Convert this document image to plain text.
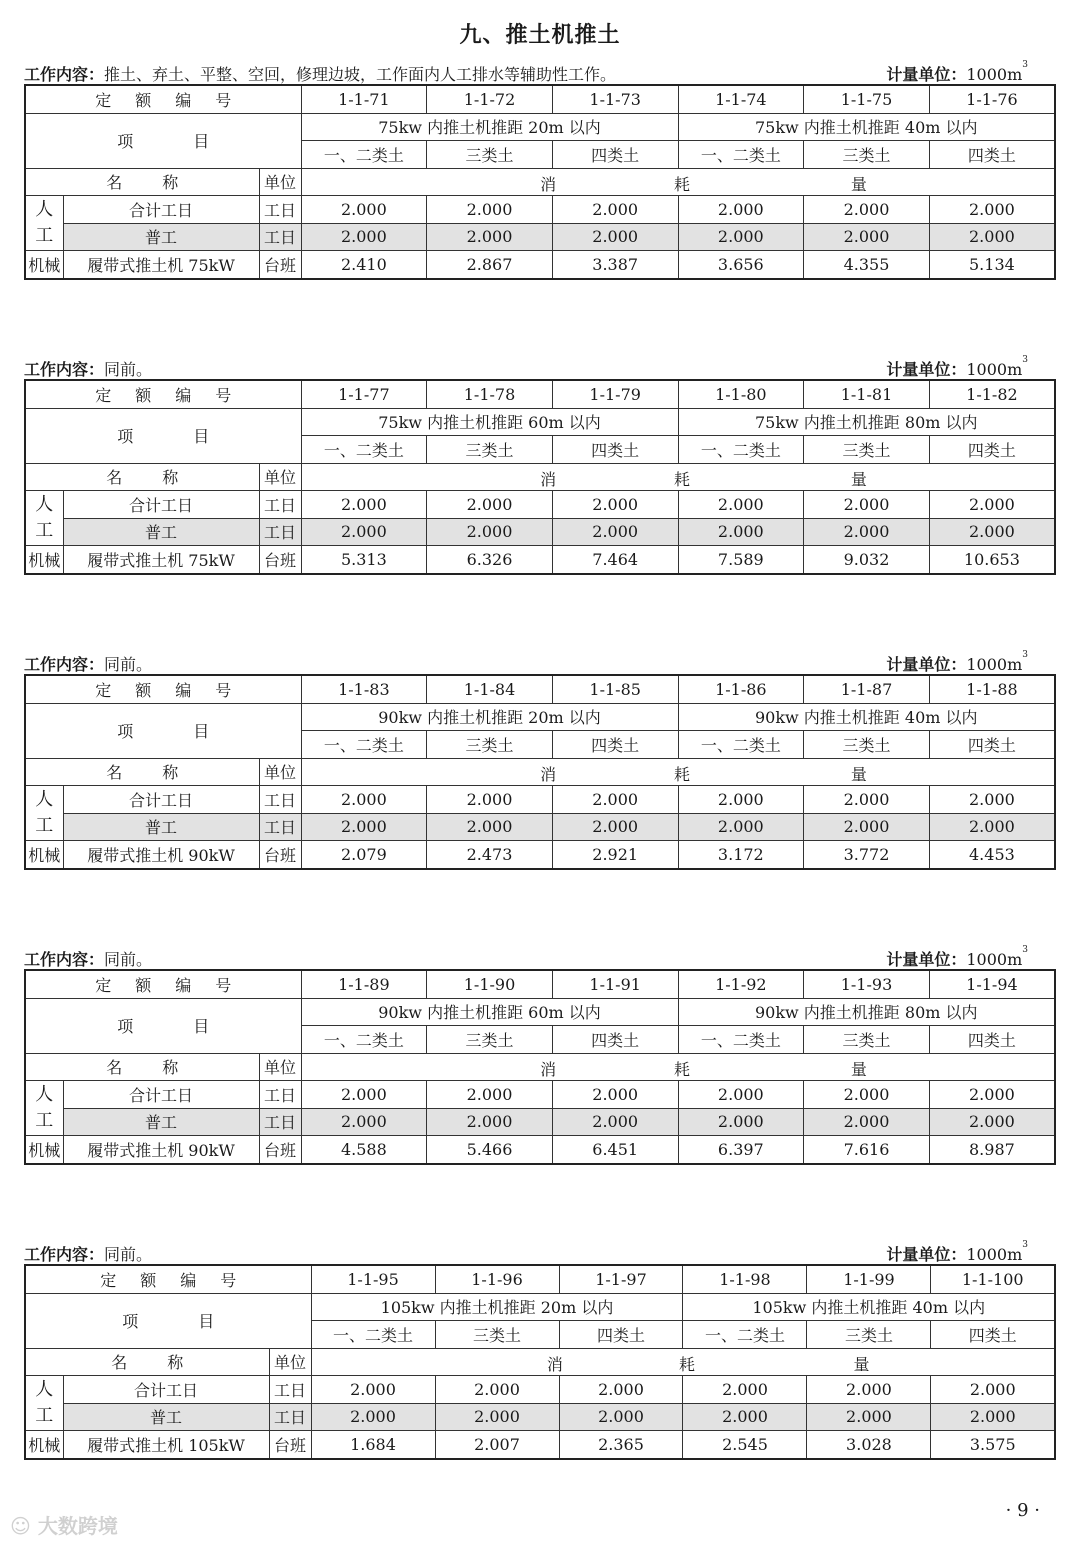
九、推土机推土
工作内容：推土、弃土、平整、空回，修理边坡，工作面内人工排水等辅助性工作。	计量单位：$1000m^3$
定额编号			1-1-71	1-1-72	1-1-73	1-1-74	1-1-75	1-1-76
项目			75kw 内推土机推距 20m 以内			75kw 内推土机推距 40m 以内		
			一、二类土	三类土	四类土	一、二类土	三类土	四类土
名称		单位	消 耗 量					

人工	合计工日	工日	2.000	2.000	2.000	2.000	2.000	2.000
	普工	工日	2.000	2.000	2.000	2.000	2.000	2.000
机械	履带式推土机 75kW	台班	2.410	2.867	3.387	3.656	4.355	5.134
工作内容：同前。	计量单位：$1000m^3$
定额编号			1-1-77	1-1-78	1-1-79	1-1-80	1-1-81	1-1-82
项目			75kw 内推土机推距 60m 以内			75kw 内推土机推距 80m 以内		
			一、二类土	三类土	四类土	一、二类土	三类土	四类土
名称		单位	消 耗 量					

人工	合计工日	工日	2.000	2.000	2.000	2.000	2.000	2.000
	普工	工日	2.000	2.000	2.000	2.000	2.000	2.000
机械	履带式推土机 75kW	台班	5.313	6.326	7.464	7.589	9.032	10.653
工作内容：同前。	计量单位：$1000m^3$
定额编号			1-1-83	1-1-84	1-1-85	1-1-86	1-1-87	1-1-88
项目			90kw 内推土机推距 20m 以内			90kw 内推土机推距 40m 以内		
			一、二类土	三类土	四类土	一、二类土	三类土	四类土
名称		单位	消 耗 量					

人工	合计工日	工日	2.000	2.000	2.000	2.000	2.000	2.000
	普工	工日	2.000	2.000	2.000	2.000	2.000	2.000
机械	履带式推土机 90kW	台班	2.079	2.473	2.921	3.172	3.772	4.453
工作内容：同前。	计量单位：$1000m^3$
定额编号			1-1-89	1-1-90	1-1-91	1-1-92	1-1-93	1-1-94
项目			90kw 内推土机推距 60m 以内			90kw 内推土机推距 80m 以内		
			一、二类土	三类土	四类土	一、二类土	三类土	四类土
名称		单位	消 耗 量					

人工	合计工日	工日	2.000	2.000	2.000	2.000	2.000	2.000
	普工	工日	2.000	2.000	2.000	2.000	2.000	2.000
机械	履带式推土机 90kW	台班	4.588	5.466	6.451	6.397	7.616	8.987
工作内容：同前。	计量单位：$1000m^3$
定额编号			1-1-95	1-1-96	1-1-97	1-1-98	1-1-99	1-1-100
项目			105kw 内推土机推距 20m 以内			105kw 内推土机推距 40m 以内		
			一、二类土	三类土	四类土	一、二类土	三类土	四类土
名称		单位	消 耗 量					

人工	合计工日	工日	2.000	2.000	2.000	2.000	2.000	2.000
	普工	工日	2.000	2.000	2.000	2.000	2.000	2.000
机械	履带式推土机 105kW	台班	1.684	2.007	2.365	2.545	3.028	3.575
· 9 ·
☺ 大数跨境
